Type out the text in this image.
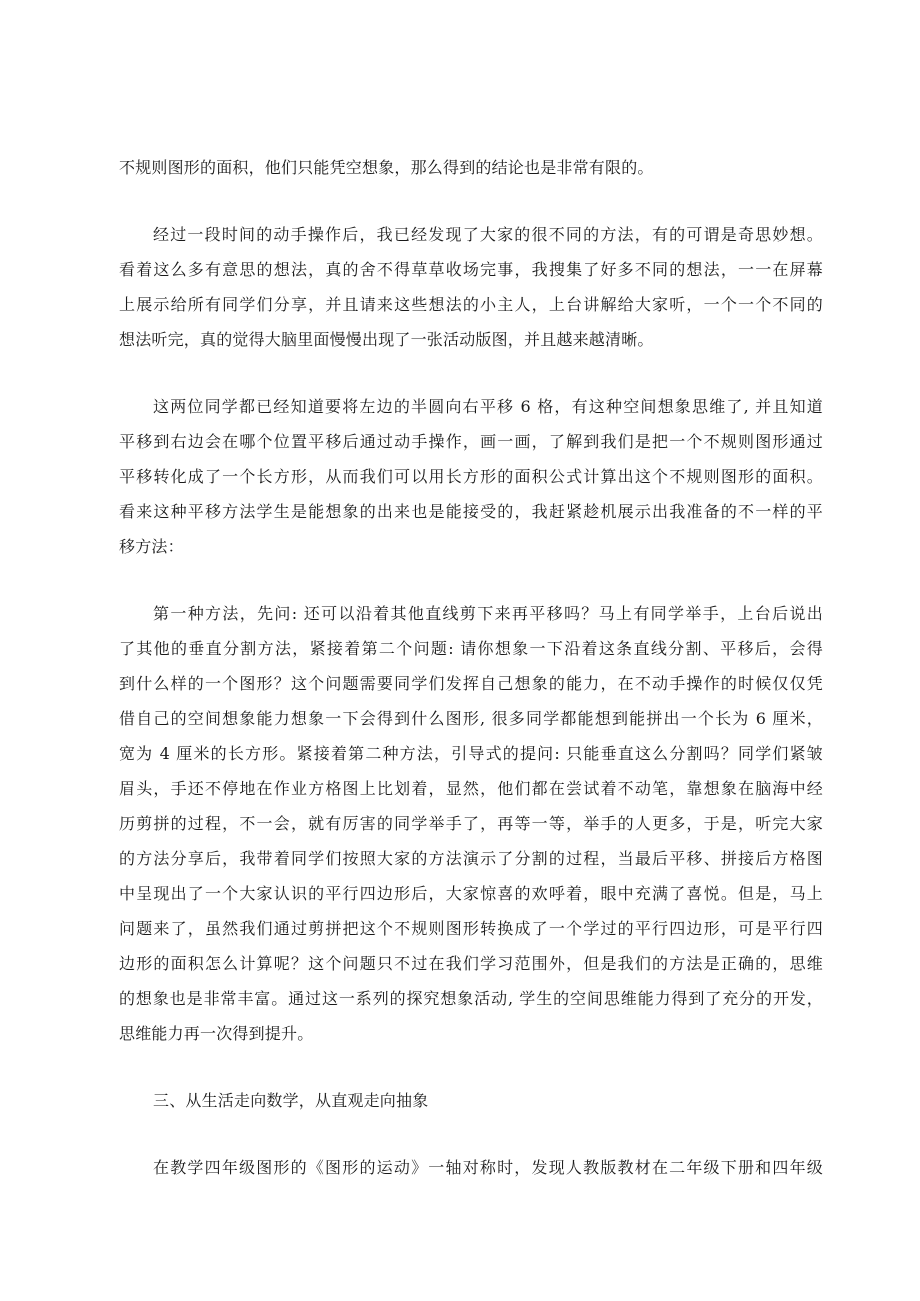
不规则图形的面积，他们只能凭空想象，那么得到的结论也是非常有限的。
经过一段时间的动手操作后，我已经发现了大家的很不同的方法，有的可谓是奇思妙想。
看着这么多有意思的想法，真的舍不得草草收场完事，我搜集了好多不同的想法，一一在屏幕
上展示给所有同学们分享，并且请来这些想法的小主人，上台讲解给大家听，一个一个不同的
想法听完，真的觉得大脑里面慢慢出现了一张活动版图，并且越来越清晰。
这两位同学都已经知道要将左边的半圆向右平移 6 格，有这种空间想象思维了, 并且知道
平移到右边会在哪个位置平移后通过动手操作，画一画，了解到我们是把一个不规则图形通过
平移转化成了一个长方形，从而我们可以用长方形的面积公式计算出这个不规则图形的面积。
看来这种平移方法学生是能想象的出来也是能接受的，我赶紧趁机展示出我准备的不一样的平
移方法：
第一种方法，先问: 还可以沿着其他直线剪下来再平移吗？马上有同学举手，上台后说出
了其他的垂直分割方法，紧接着第二个问题: 请你想象一下沿着这条直线分割、平移后，会得
到什么样的一个图形？这个问题需要同学们发挥自己想象的能力，在不动手操作的时候仅仅凭
借自己的空间想象能力想象一下会得到什么图形, 很多同学都能想到能拼出一个长为 6 厘米，
宽为 4 厘米的长方形。紧接着第二种方法，引导式的提问: 只能垂直这么分割吗？同学们紧皱
眉头，手还不停地在作业方格图上比划着，显然，他们都在尝试着不动笔，靠想象在脑海中经
历剪拼的过程，不一会，就有厉害的同学举手了，再等一等，举手的人更多，于是，听完大家
的方法分享后，我带着同学们按照大家的方法演示了分割的过程，当最后平移、拼接后方格图
中呈现出了一个大家认识的平行四边形后，大家惊喜的欢呼着，眼中充满了喜悦。但是，马上
问题来了，虽然我们通过剪拼把这个不规则图形转换成了一个学过的平行四边形，可是平行四
边形的面积怎么计算呢？这个问题只不过在我们学习范围外，但是我们的方法是正确的，思维
的想象也是非常丰富。通过这一系列的探究想象活动, 学生的空间思维能力得到了充分的开发，
思维能力再一次得到提升。
三、从生活走向数学，从直观走向抽象
在教学四年级图形的《图形的运动》一轴对称时，发现人教版教材在二年级下册和四年级
